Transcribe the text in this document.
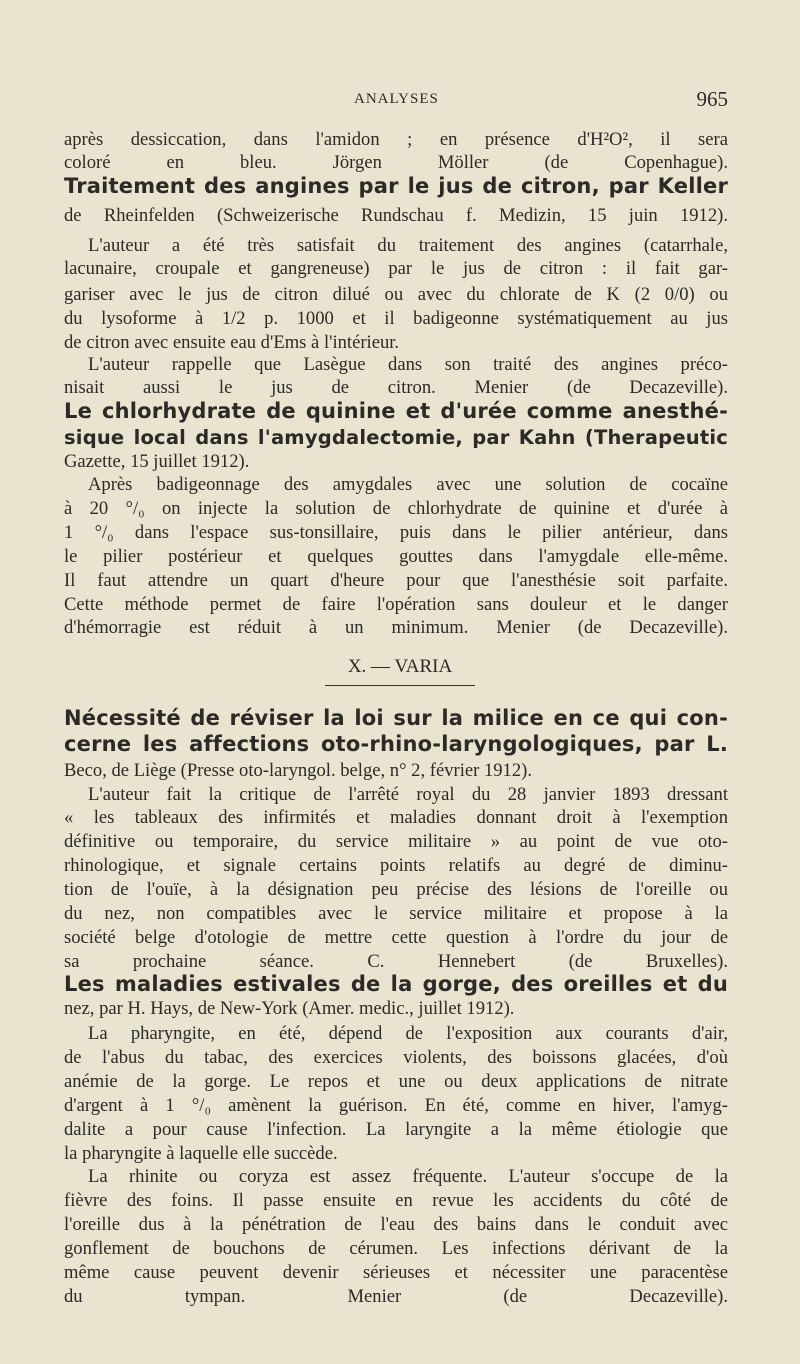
ANALYSES	965
après dessiccation, dans l'amidon ; en présence d'H²O², il sera
coloré en bleu. Jörgen Möller (de Copenhague).
Traitement des angines par le jus de citron, par Keller
de Rheinfelden (Schweizerische Rundschau f. Medizin, 15 juin 1912).
L'auteur a été très satisfait du traitement des angines (catarrhale,
lacunaire, croupale et gangreneuse) par le jus de citron : il fait gar-
gariser avec le jus de citron dilué ou avec du chlorate de K (2 0/0) ou
du lysoforme à 1/2 p. 1000 et il badigeonne systématiquement au jus
de citron avec ensuite eau d'Ems à l'intérieur.
L'auteur rappelle que Lasègue dans son traité des angines préco-
nisait aussi le jus de citron. Menier (de Decazeville).
Le chlorhydrate de quinine et d'urée comme anesthé-
sique local dans l'amygdalectomie, par Kahn (Therapeutic
Gazette, 15 juillet 1912).
Après badigeonnage des amygdales avec une solution de cocaïne
à 20 °/₀ on injecte la solution de chlorhydrate de quinine et d'urée à
1 °/₀ dans l'espace sus-tonsillaire, puis dans le pilier antérieur, dans
le pilier postérieur et quelques gouttes dans l'amygdale elle-même.
Il faut attendre un quart d'heure pour que l'anesthésie soit parfaite.
Cette méthode permet de faire l'opération sans douleur et le danger
d'hémorragie est réduit à un minimum. Menier (de Decazeville).
X. — VARIA
Nécessité de réviser la loi sur la milice en ce qui con-
cerne les affections oto-rhino-laryngologiques, par L.
Beco, de Liège (Presse oto-laryngol. belge, n° 2, février 1912).
L'auteur fait la critique de l'arrêté royal du 28 janvier 1893 dressant
« les tableaux des infirmités et maladies donnant droit à l'exemption
définitive ou temporaire, du service militaire » au point de vue oto-
rhinologique, et signale certains points relatifs au degré de diminu-
tion de l'ouïe, à la désignation peu précise des lésions de l'oreille ou
du nez, non compatibles avec le service militaire et propose à la
société belge d'otologie de mettre cette question à l'ordre du jour de
sa prochaine séance. C. Hennebert (de Bruxelles).
Les maladies estivales de la gorge, des oreilles et du
nez, par H. Hays, de New-York (Amer. medic., juillet 1912).
La pharyngite, en été, dépend de l'exposition aux courants d'air,
de l'abus du tabac, des exercices violents, des boissons glacées, d'où
anémie de la gorge. Le repos et une ou deux applications de nitrate
d'argent à 1 °/₀ amènent la guérison. En été, comme en hiver, l'amyg-
dalite a pour cause l'infection. La laryngite a la même étiologie que
la pharyngite à laquelle elle succède.
La rhinite ou coryza est assez fréquente. L'auteur s'occupe de la
fièvre des foins. Il passe ensuite en revue les accidents du côté de
l'oreille dus à la pénétration de l'eau des bains dans le conduit avec
gonflement de bouchons de cérumen. Les infections dérivant de la
même cause peuvent devenir sérieuses et nécessiter une paracentèse
du tympan. Menier (de Decazeville).
